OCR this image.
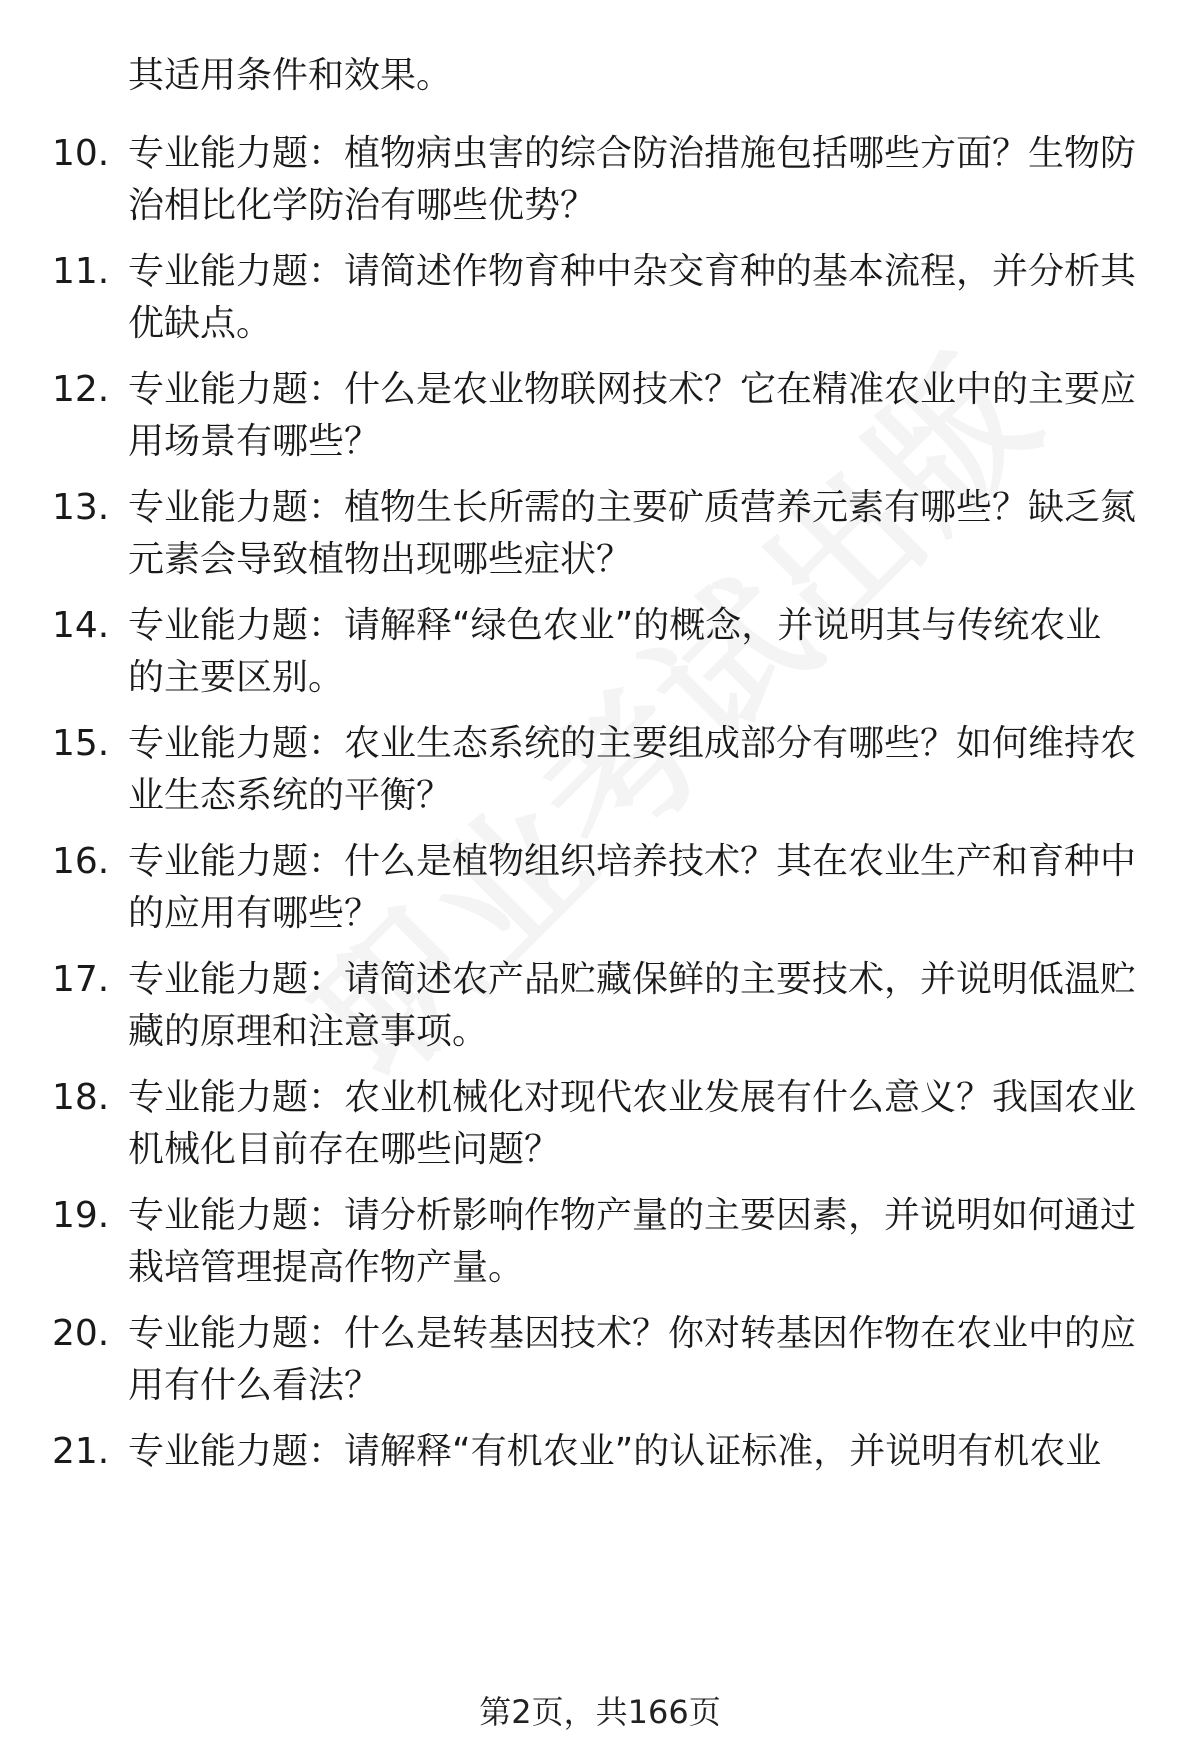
其适用条件和效果。
10. 专业能力题：植物病虫害的综合防治措施包括哪些方面？生物防
治相比化学防治有哪些优势？
11. 专业能力题：请简述作物育种中杂交育种的基本流程，并分析其
优缺点。
12. 专业能力题：什么是农业物联网技术？它在精准农业中的主要应
用场景有哪些？
13. 专业能力题：植物生长所需的主要矿质营养元素有哪些？缺乏氮
元素会导致植物出现哪些症状？
14. 专业能力题：请解释“绿色农业”的概念，并说明其与传统农业
的主要区别。
15. 专业能力题：农业生态系统的主要组成部分有哪些？如何维持农
业生态系统的平衡？
16. 专业能力题：什么是植物组织培养技术？其在农业生产和育种中
的应用有哪些？
17. 专业能力题：请简述农产品贮藏保鲜的主要技术，并说明低温贮
藏的原理和注意事项。
18. 专业能力题：农业机械化对现代农业发展有什么意义？我国农业
机械化目前存在哪些问题？
19. 专业能力题：请分析影响作物产量的主要因素，并说明如何通过
栽培管理提高作物产量。
20. 专业能力题：什么是转基因技术？你对转基因作物在农业中的应
用有什么看法？
21. 专业能力题：请解释“有机农业”的认证标准，并说明有机农业
第2页，共166页
